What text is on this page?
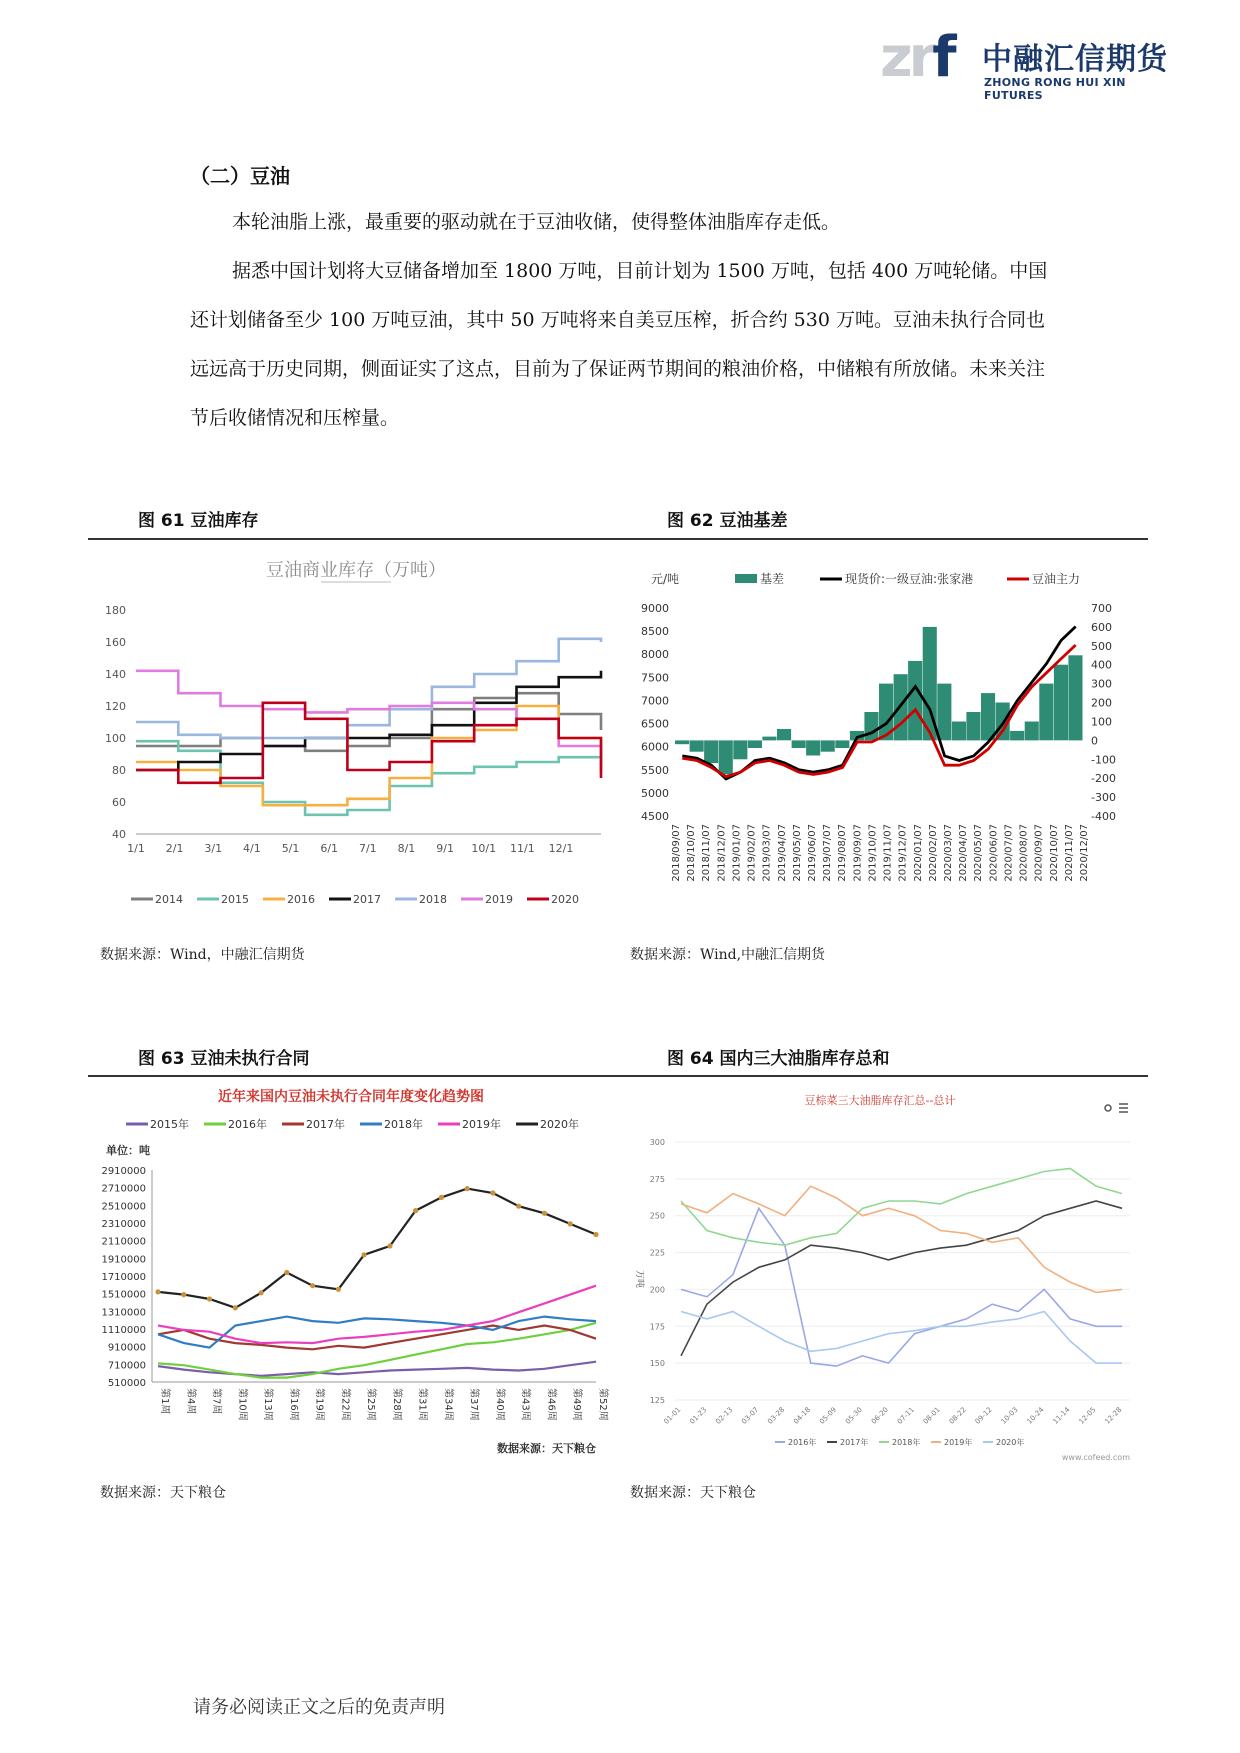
zrf 中融汇信期货
ZHONG RONG HUI XIN FUTURES
（二）豆油
本轮油脂上涨，最重要的驱动就在于豆油收储，使得整体油脂库存走低。
据悉中国计划将大豆储备增加至 1800 万吨，目前计划为 1500 万吨，包括 400 万吨轮储。中国还计划储备至少 100 万吨豆油，其中 50 万吨将来自美豆压榨，折合约 530 万吨。豆油未执行合同也远远高于历史同期，侧面证实了这点，目前为了保证两节期间的粮油价格，中储粮有所放储。未来关注节后收储情况和压榨量。
图 61 豆油库存	图 62 豆油基差
豆油商业库存（万吨）
180
160
140
120
100
80
60
40
1/1 2/1 3/1 4/1 5/1 6/1 7/1 8/1 9/1 10/1 11/1 12/1
2014	2015	2016	2017	2018	2019	2020
元/吨	基差	现货价:一级豆油:张家港	豆油主力
9000
8500
8000
7500
7000
6500
6000
5500
5000
4500
700
600
500
400
300
200
100
0
-100
-200
-300
-400
2018/09/07 2018/10/07 2018/11/07 2018/12/07 2019/01/07 2019/02/07 2019/03/07 2019/04/07 2019/05/07 2019/06/07 2019/07/07 2019/08/07 2019/09/07 2019/10/07 2019/11/07 2019/12/07 2020/01/07 2020/02/07 2020/03/07 2020/04/07 2020/05/07 2020/06/07 2020/07/07 2020/08/07 2020/09/07 2020/10/07 2020/11/07 2020/12/07
数据来源：Wind，中融汇信期货	数据来源：Wind,中融汇信期货
图 63 豆油未执行合同	图 64 国内三大油脂库存总和
近年来国内豆油未执行合同年度变化趋势图
2015年	2016年	2017年	2018年	2019年	2020年
单位：吨
2910000
2710000
2510000
2310000
2110000
1910000
1710000
1510000
1310000
1110000
910000
710000
510000
第1周 第4周 第7周 第10周 第13周 第16周 第19周 第22周 第25周 第28周 第31周 第34周 第37周 第40周 第43周 第46周 第49周 第52周
数据来源：天下粮仓
豆棕菜三大油脂库存汇总--总计
万吨
300
275
250
225
200
175
150
125
01-01 01-23 02-13 03-07 03-28 04-18 05-09 05-30 06-20 07-11 08-01 08-22 09-12 10-03 10-24 11-14 12-05 12-28
2016年	2017年	2018年	2019年	2020年
www.cofeed.com
数据来源：天下粮仓	数据来源：天下粮仓
请务必阅读正文之后的免责声明
